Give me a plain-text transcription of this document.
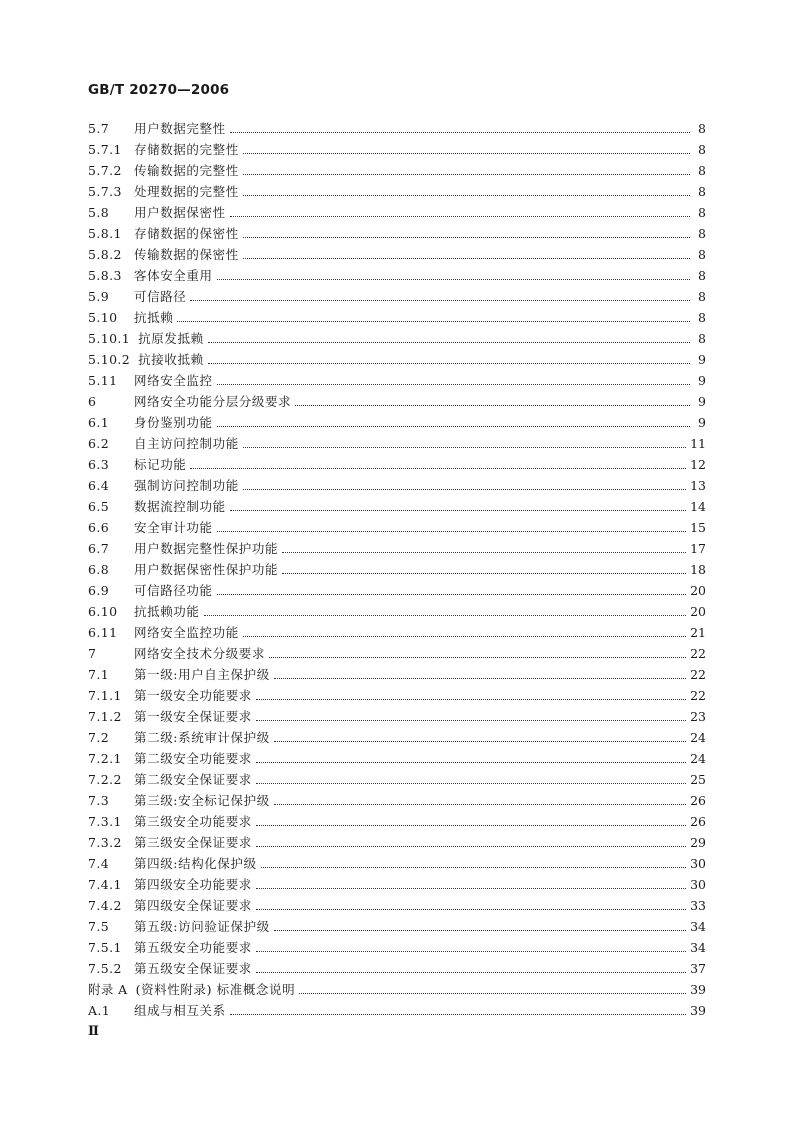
GB/T 20270—2006
5.7	用户数据完整性	8
5.7.1 存储数据的完整性	8
5.7.2 传输数据的完整性	8
5.7.3 处理数据的完整性	8
5.8	用户数据保密性	8
5.8.1 存储数据的保密性	8
5.8.2 传输数据的保密性	8
5.8.3 客体安全重用	8
5.9	可信路径	8
5.10	抗抵赖	8
5.10.1 抗原发抵赖	8
5.10.2 抗接收抵赖	9
5.11	网络安全监控	9
6	网络安全功能分层分级要求	9
6.1	身份鉴别功能	9
6.2	自主访问控制功能	11
6.3	标记功能	12
6.4	强制访问控制功能	13
6.5	数据流控制功能	14
6.6	安全审计功能	15
6.7	用户数据完整性保护功能	17
6.8	用户数据保密性保护功能	18
6.9	可信路径功能	20
6.10	抗抵赖功能	20
6.11	网络安全监控功能	21
7	网络安全技术分级要求	22
7.1	第一级:用户自主保护级	22
7.1.1 第一级安全功能要求	22
7.1.2 第一级安全保证要求	23
7.2	第二级:系统审计保护级	24
7.2.1 第二级安全功能要求	24
7.2.2 第二级安全保证要求	25
7.3	第三级:安全标记保护级	26
7.3.1 第三级安全功能要求	26
7.3.2 第三级安全保证要求	29
7.4	第四级:结构化保护级	30
7.4.1 第四级安全功能要求	30
7.4.2 第四级安全保证要求	33
7.5	第五级:访问验证保护级	34
7.5.1 第五级安全功能要求	34
7.5.2 第五级安全保证要求	37
附录 A (资料性附录) 标准概念说明	39
A.1	组成与相互关系	39
Ⅱ
